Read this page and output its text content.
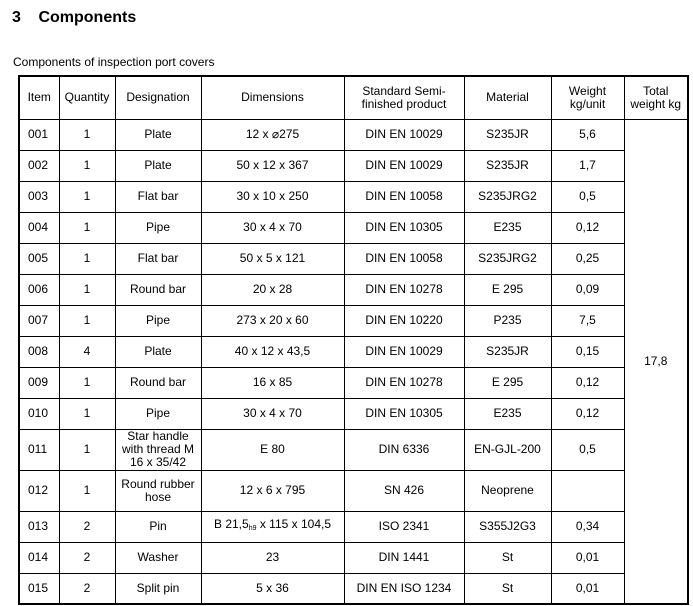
3 Components
Components of inspection port covers
Item	Quantity	Designation	Dimensions	Standard Semi-finished product	Material	Weight kg/unit	Total weight kg
001	1	Plate	12 x ⌀275	DIN EN 10029	S235JR	5,6	17,8
002	1	Plate	50 x 12 x 367	DIN EN 10029	S235JR	1,7	
003	1	Flat bar	30 x 10 x 250	DIN EN 10058	S235JRG2	0,5	
004	1	Pipe	30 x 4 x 70	DIN EN 10305	E235	0,12	
005	1	Flat bar	50 x 5 x 121	DIN EN 10058	S235JRG2	0,25	
006	1	Round bar	20 x 28	DIN EN 10278	E 295	0,09	
007	1	Pipe	273 x 20 x 60	DIN EN 10220	P235	7,5	
008	4	Plate	40 x 12 x 43,5	DIN EN 10029	S235JR	0,15	
009	1	Round bar	16 x 85	DIN EN 10278	E 295	0,12	
010	1	Pipe	30 x 4 x 70	DIN EN 10305	E235	0,12	
011	1	Star handle with thread M 16 x 35/42	E 80	DIN 6336	EN-GJL-200	0,5	
012	1	Round rubber hose	12 x 6 x 795	SN 426	Neoprene		
013	2	Pin	B $21,5_{h9}$ x 115 x 104,5	ISO 2341	S355J2G3	0,34	
014	2	Washer	23	DIN 1441	St	0,01	
015	2	Split pin	5 x 36	DIN EN ISO 1234	St	0,01	
